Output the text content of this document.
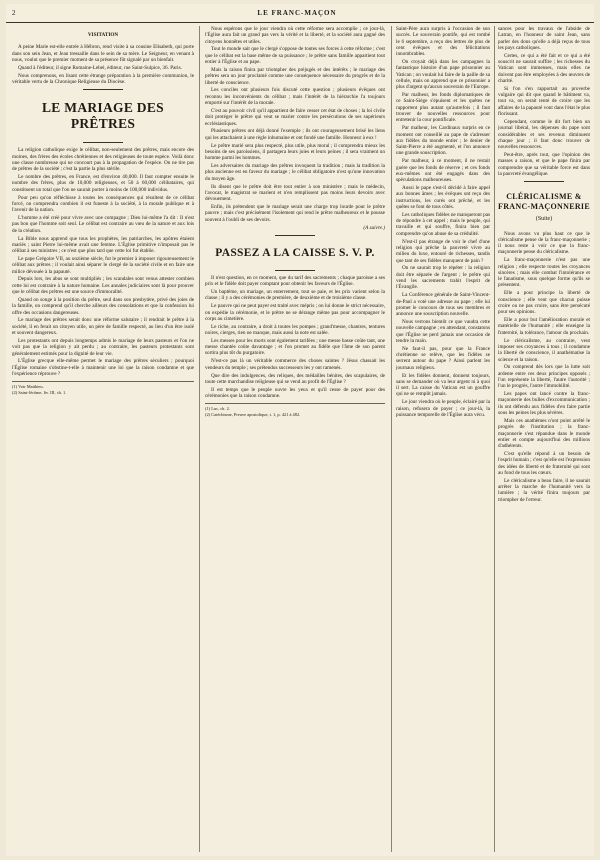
2	LE FRANC-MAÇON
VISITATION

A peine Marie est-elle entrée à Hébron, rend visite à sa cousine Elisabeth, qui porte dans son sein Jean, et Jean tressaille dans le sein de sa mère. Le Seigneur, en venant à nous, voulut que le premier moment de sa présence fût signalé par un bienfait.

Quand à l'éditeur, il signe Romaine-Lebel, éditeur, rue Saint-Sulpice, 36. Paris.

Nous comprenons, en lisant cette étrange préparation à la première communion, le véritable vertu de la Chronique Religieuse du Diocèse.

LE MARIAGE DES PRÊTRES

La religion catholique exige le célibat, non-seulement des prêtres, mais encore des moines, des frères des écoles chrétiennes et des religieuses de toute espèce. Voilà donc une classe nombreuse qui ne concourt pas à la propagation de l'espèce. On ne tire pas de prêtres de la société ; c'est la partie la plus stérile.

Le nombre des prêtres, en France, est d'environ 40,000. Il faut compter ensuite le nombre des frères, plus de 10,000 religieuses, et 50 à 60,000 célibataires, qui constituent un total que l'on ne saurait porter à moins de 100,000 individus.

Pour peu qu'on réfléchisse à toutes les conséquences qui résultent de ce célibat forcé, on comprendra combien il est funeste à la société, à la morale publique et à l'avenir de la nation.

L'homme a été créé pour vivre avec une compagne ; Dieu lui-même l'a dit : Il n'est pas bon que l'homme soit seul. Le célibat est contraire au vœu de la nature et aux lois de la création.

La Bible nous apprend que tous les prophètes, les patriarches, les apôtres étaient mariés ; saint Pierre lui-même avait une femme. L'Église primitive n'imposait pas le célibat à ses ministres ; ce n'est que plus tard que cette loi fut établie.

Le pape Grégoire VII, au onzième siècle, fut le premier à imposer rigoureusement le célibat aux prêtres ; il voulait ainsi séparer le clergé de la société civile et en faire une milice dévouée à la papauté.

Depuis lors, les abus se sont multipliés ; les scandales sont venus attester combien cette loi est contraire à la nature humaine. Les annales judiciaires sont là pour prouver que le célibat des prêtres est une source d'immoralité.

Quand on songe à la position du prêtre, seul dans son presbytère, privé des joies de la famille, on comprend qu'il cherche ailleurs des consolations et que la confession lui offre des occasions dangereuses.

Le mariage des prêtres serait donc une réforme salutaire ; il rendrait le prêtre à la société, il en ferait un citoyen utile, un père de famille respecté, au lieu d'un être isolé et souvent dangereux.

Les protestants ont depuis longtemps admis le mariage de leurs pasteurs et l'on ne voit pas que la religion y ait perdu ; au contraire, les pasteurs protestants sont généralement estimés pour la dignité de leur vie.

L'Église grecque elle-même permet le mariage des prêtres séculiers ; pourquoi l'Église romaine s'obstine-t-elle à maintenir une loi que la raison condamne et que l'expérience réprouve ?

(1) Voir Matthieu.
(2) Saint-Jérôme, liv. III, ch. 1.

Nous espérons que le jour viendra où cette réforme sera accomplie ; ce jour-là, l'Église aura fait un grand pas vers la vérité et la liberté, et la société aura gagné des citoyens honnêtes et utiles.

Tout le monde sait que le clergé s'oppose de toutes ses forces à cette réforme ; c'est que le célibat est la base même de sa puissance ; le prêtre sans famille appartient tout entier à l'Église et au pape.

Mais la raison finira par triompher des préjugés et des intérêts ; le mariage des prêtres sera un jour proclamé comme une conséquence nécessaire du progrès et de la liberté de conscience.

Les conciles ont plusieurs fois discuté cette question ; plusieurs évêques ont reconnu les inconvénients du célibat ; mais l'intérêt de la hiérarchie l'a toujours emporté sur l'intérêt de la morale.

C'est au pouvoir civil qu'il appartient de faire cesser cet état de choses ; la loi civile doit protéger le prêtre qui veut se marier contre les persécutions de ses supérieurs ecclésiastiques.

Plusieurs prêtres ont déjà donné l'exemple ; ils ont courageusement brisé les liens qui les attachaient à une règle inhumaine et ont fondé une famille. Honneur à eux !

Le prêtre marié sera plus respecté, plus utile, plus moral ; il comprendra mieux les besoins de ses paroissiens, il partagera leurs joies et leurs peines ; il sera vraiment un homme parmi les hommes.

Les adversaires du mariage des prêtres invoquent la tradition ; mais la tradition la plus ancienne est en faveur du mariage ; le célibat obligatoire n'est qu'une innovation du moyen âge.

Ils disent que le prêtre doit être tout entier à son ministère ; mais le médecin, l'avocat, le magistrat se marient et n'en remplissent pas moins leurs devoirs avec dévouement.

Enfin, ils prétendent que le mariage serait une charge trop lourde pour le prêtre pauvre ; mais c'est précisément l'isolement qui rend le prêtre malheureux et le pousse souvent à l'oubli de ses devoirs.

(A suivre.)

PASSEZ A LA CAISSE S. V. P.

Il n'est question, en ce moment, que du tarif des sacrements ; chaque paroisse a ses prix et le fidèle doit payer comptant pour obtenir les faveurs de l'Église.

Un baptême, un mariage, un enterrement, tout se paie, et les prix varient selon la classe ; il y a des cérémonies de première, de deuxième et de troisième classe.

Le pauvre qui ne peut payer est traité avec mépris ; on lui donne le strict nécessaire, on expédie la cérémonie, et le prêtre ne se dérange même pas pour accompagner le corps au cimetière.

Le riche, au contraire, a droit à toutes les pompes ; grand'messe, chantres, tentures noires, cierges, rien ne manque, mais aussi la note est salée.

Les messes pour les morts sont également tarifées ; une messe basse coûte tant, une messe chantée coûte davantage ; et l'on promet au fidèle que l'âme de son parent sortira plus tôt du purgatoire.

N'est-ce pas là un véritable commerce des choses saintes ? Jésus chassait les vendeurs du temple ; ses prétendus successeurs les y ont ramenés.

Que dire des indulgences, des reliques, des médailles bénites, des scapulaires, de toute cette marchandise religieuse qui se vend au profit de l'Église ?

Il est temps que le peuple ouvre les yeux et qu'il cesse de payer pour des cérémonies que la raison condamne.

(1) Luc, ch. 2.
(2) Catéchisme, Preuve apostolique, t. 1, p. 421 à 482.

Saint-Père aura surpris à l'occasion de son succès. Le souverain pontife, qui est tombé le 6 septembre, a reçu des lettres de plus de cent évêques et des félicitations innombrables.

On croyait déjà dans les campagnes la fantastique histoire d'un pape prisonnier au Vatican ; on voulait lui faire de la paille de sa cellule, mais on apprend que ce prisonnier a plus d'argent qu'aucun souverain de l'Europe.

Par malheur, les fonds diplomatiques de ce Saint-Siège s'épuisent et les quêtes ne rapportent plus autant qu'autrefois ; il faut trouver de nouvelles ressources pour entretenir la cour pontificale.

Par malheur, les Cardinaux surpris en ce moment ont conseillé au pape de s'adresser aux fidèles du monde entier ; le denier de Saint-Pierre a été augmenté, et l'on annonce une grande souscription.

Par malheur, à ce moment, il ne restait guère que les fonds de réserve ; et ces fonds eux-mêmes ont été engagés dans des spéculations malheureuses.

Aussi le pape s'est-il décidé à faire appel aux bonnes âmes ; les évêques ont reçu des instructions, les curés ont prêché, et les quêtes se font de tous côtés.

Les catholiques fidèles ne manqueront pas de répondre à cet appel ; mais le peuple, qui travaille et qui souffre, finira bien par comprendre qu'on abuse de sa crédulité.

N'est-il pas étrange de voir le chef d'une religion qui prêche la pauvreté vivre au milieu du luxe, entouré de richesses, tandis que tant de ses fidèles manquent de pain ?

On ne saurait trop le répéter : la religion doit être séparée de l'argent ; le prêtre qui vend les sacrements trahit l'esprit de l'Évangile.

La Conférence générale de Saint-Vincent-de-Paul a voté une adresse au pape ; elle lui promet le concours de tous ses membres et annonce une souscription nouvelle.

Nous verrons bientôt ce que vaudra cette nouvelle campagne ; en attendant, constatons que l'Église ne perd jamais une occasion de tendre la main.

Ne faut-il pas, pour que la France chrétienne se relève, que les fidèles se serrent autour du pape ? Ainsi parlent les journaux religieux.

Et les fidèles donnent, donnent toujours, sans se demander où va leur argent ni à quoi il sert. La caisse du Vatican est un gouffre qui ne se remplit jamais.

Le jour viendra où le peuple, éclairé par la raison, refusera de payer ; ce jour-là, la puissance temporelle de l'Église aura vécu.

sances pour les travaux de l'abside de Latran, en l'honneur de saint Jean, sans parler des dons qu'elle a déjà reçus de tous les pays catholiques.

Certes, ce qui a été fait et ce qui a été souscrit ne saurait suffire ; les richesses du Vatican sont immenses, mais elles ne doivent pas être employées à des œuvres de charité.

Si l'on s'en rapportait au proverbe vulgaire qui dit que quand le bâtiment va, tout va, on serait tenté de croire que les affaires de la papauté vont dans l'état le plus florissant.

Cependant, comme le dit fort bien un journal libéral, les dépenses du pape sont considérables et ses revenus diminuent chaque jour ; il faut donc trouver de nouvelles ressources.

Peut-être, après tout, que l'opinion des masses a raison, et que le pape finira par comprendre que sa véritable force est dans la pauvreté évangélique.

CLÉRICALISME & FRANC-MAÇONNERIE
(Suite)

Nous avons vu plus haut ce que le cléricalisme pense de la franc-maçonnerie ; il nous reste à voir ce que la franc-maçonnerie pense du cléricalisme.

La franc-maçonnerie n'est pas une religion ; elle respecte toutes les croyances sincères ; mais elle combat l'intolérance et le fanatisme, sous quelque forme qu'ils se présentent.

Elle a pour principe la liberté de conscience ; elle veut que chacun puisse croire ou ne pas croire, sans être persécuté pour ses opinions.

Elle a pour but l'amélioration morale et matérielle de l'humanité ; elle enseigne la fraternité, la tolérance, l'amour du prochain.

Le cléricalisme, au contraire, veut imposer ses croyances à tous ; il condamne la liberté de conscience, il anathématise la science et la raison.

On comprend dès lors que la lutte soit ardente entre ces deux principes opposés ; l'un représente la liberté, l'autre l'autorité ; l'un le progrès, l'autre l'immobilité.

Les papes ont lancé contre la franc-maçonnerie des bulles d'excommunication ; ils ont défendu aux fidèles d'en faire partie sous les peines les plus sévères.

Mais ces anathèmes n'ont point arrêté le progrès de l'institution ; la franc-maçonnerie s'est répandue dans le monde entier et compte aujourd'hui des millions d'adhérents.

C'est qu'elle répond à un besoin de l'esprit humain ; c'est qu'elle est l'expression des idées de liberté et de fraternité qui sont au fond de tous les cœurs.

Le cléricalisme a beau faire, il ne saurait arrêter la marche de l'humanité vers la lumière ; la vérité finira toujours par triompher de l'erreur.
